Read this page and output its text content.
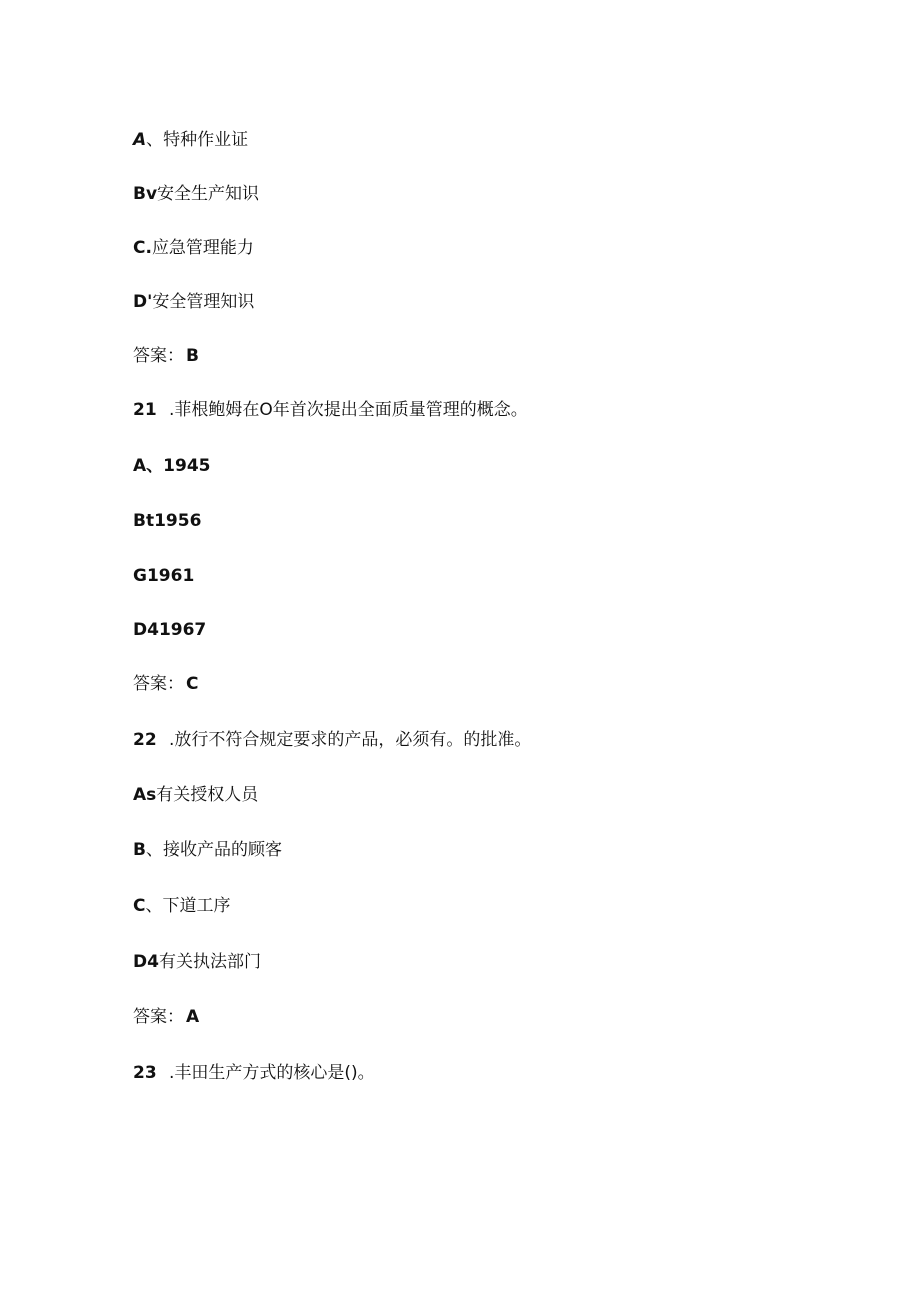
A、特种作业证
Bv安全生产知识
C.应急管理能力
D'安全管理知识
答案： B
21 .菲根鲍姆在O年首次提出全面质量管理的概念。
A、1945
Bt1956
G1961
D41967
答案： C
22 .放行不符合规定要求的产品，必须有。的批准。
As有关授权人员
B、接收产品的顾客
C、下道工序
D4有关执法部门
答案： A
23 .丰田生产方式的核心是()。
